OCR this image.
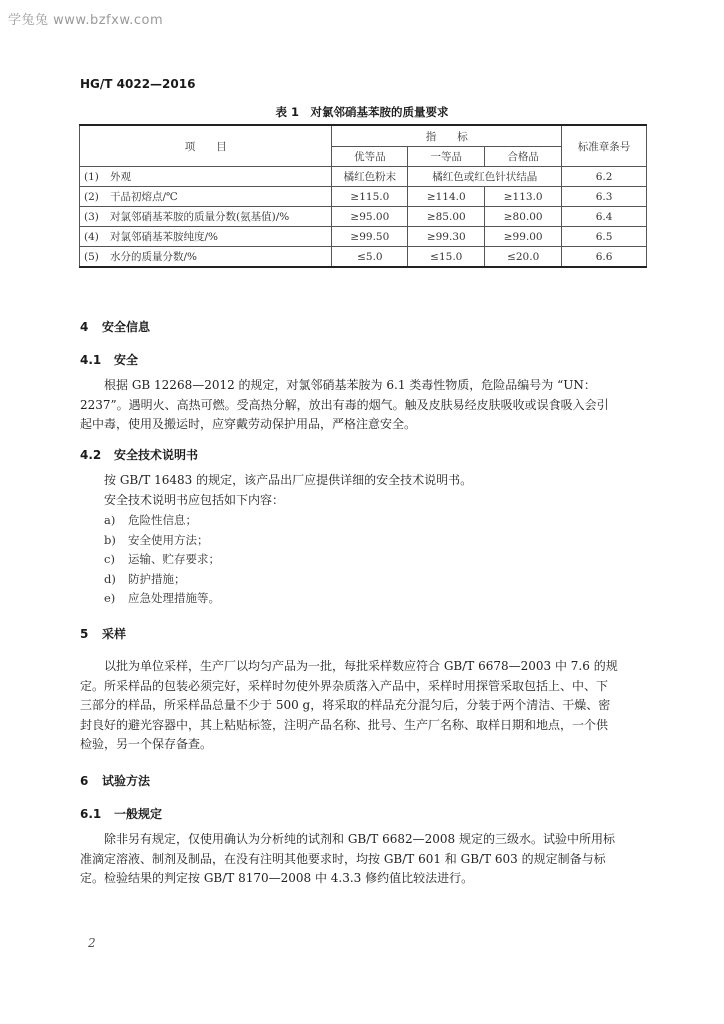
学兔兔 www.bzfxw.com
HG/T 4022—2016
表 1　对氯邻硝基苯胺的质量要求
项　　目	指　　标			标准章条号
	优等品	一等品	合格品	
(1) 外观	橘红色粉末	橘红色或红色针状结晶		6.2
(2) 干品初熔点/℃	≥115.0	≥114.0	≥113.0	6.3
(3) 对氯邻硝基苯胺的质量分数(氨基值)/%	≥95.00	≥85.00	≥80.00	6.4
(4) 对氯邻硝基苯胺纯度/%	≥99.50	≥99.30	≥99.00	6.5
(5) 水分的质量分数/%	≤5.0	≤15.0	≤20.0	6.6
4 安全信息
4.1 安全
根据 GB 12268—2012 的规定，对氯邻硝基苯胺为 6.1 类毒性物质，危险品编号为 “UN：
2237”。遇明火、高热可燃。受高热分解，放出有毒的烟气。触及皮肤易经皮肤吸收或误食吸入会引
起中毒，使用及搬运时，应穿戴劳动保护用品，严格注意安全。
4.2 安全技术说明书
按 GB/T 16483 的规定，该产品出厂应提供详细的安全技术说明书。
安全技术说明书应包括如下内容：
a) 危险性信息；
b) 安全使用方法；
c) 运输、贮存要求；
d) 防护措施；
e) 应急处理措施等。
5 采样
以批为单位采样，生产厂以均匀产品为一批，每批采样数应符合 GB/T 6678—2003 中 7.6 的规
定。所采样品的包装必须完好，采样时勿使外界杂质落入产品中，采样时用探管采取包括上、中、下
三部分的样品，所采样品总量不少于 500 g，将采取的样品充分混匀后，分装于两个清洁、干燥、密
封良好的避光容器中，其上粘贴标签，注明产品名称、批号、生产厂名称、取样日期和地点，一个供
检验，另一个保存备查。
6 试验方法
6.1 一般规定
除非另有规定，仅使用确认为分析纯的试剂和 GB/T 6682—2008 规定的三级水。试验中所用标
准滴定溶液、制剂及制品，在没有注明其他要求时，均按 GB/T 601 和 GB/T 603 的规定制备与标
定。检验结果的判定按 GB/T 8170—2008 中 4.3.3 修约值比较法进行。
2
